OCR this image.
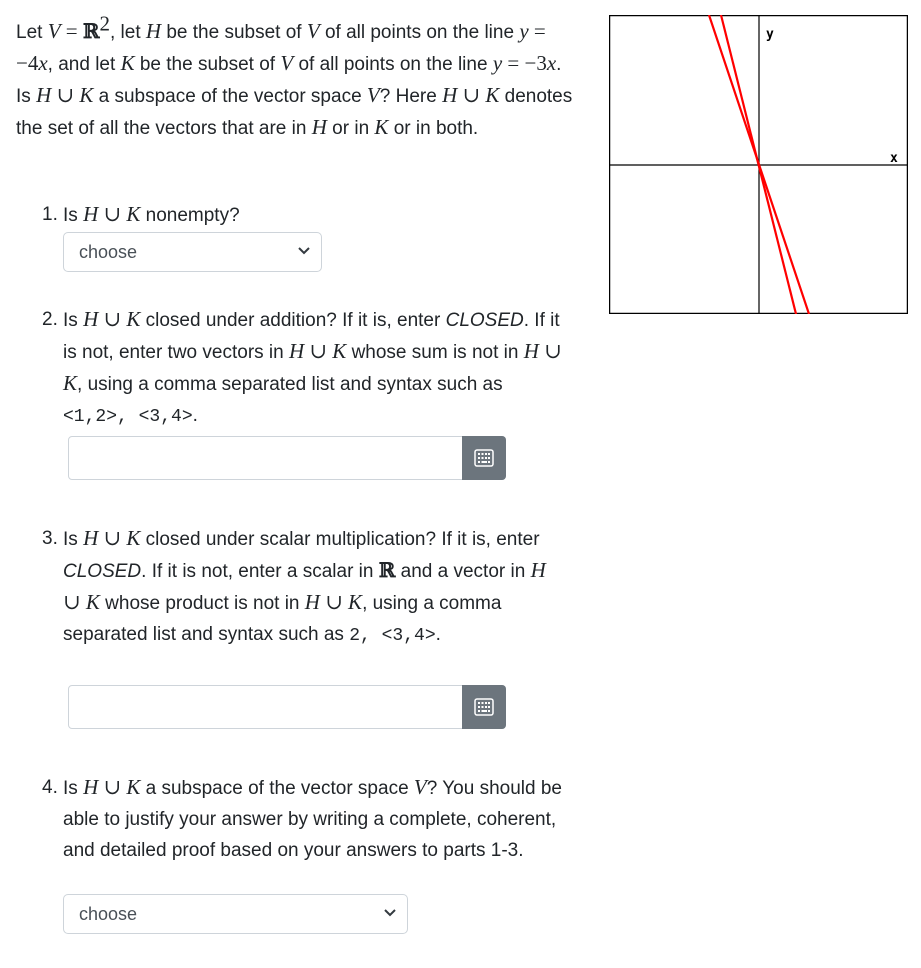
Let V = ℝ$^2$, let H be the subset of V of all points on the line y = −4x, and let K be the subset of V of all points on the line y = −3x. Is H ∪ K a subspace of the vector space V? Here H ∪ K denotes the set of all the vectors that are in H or in K or in both.
y
x
1. Is H ∪ K nonempty?
choose
2. Is H ∪ K closed under addition? If it is, enter CLOSED. If it is not, enter two vectors in H ∪ K whose sum is not in H ∪ K, using a comma separated list and syntax such as <1,2>, <3,4>.
3. Is H ∪ K closed under scalar multiplication? If it is, enter CLOSED. If it is not, enter a scalar in ℝ and a vector in H ∪ K whose product is not in H ∪ K, using a comma separated list and syntax such as 2, <3,4>.
4. Is H ∪ K a subspace of the vector space V? You should be able to justify your answer by writing a complete, coherent, and detailed proof based on your answers to parts 1-3.
choose
